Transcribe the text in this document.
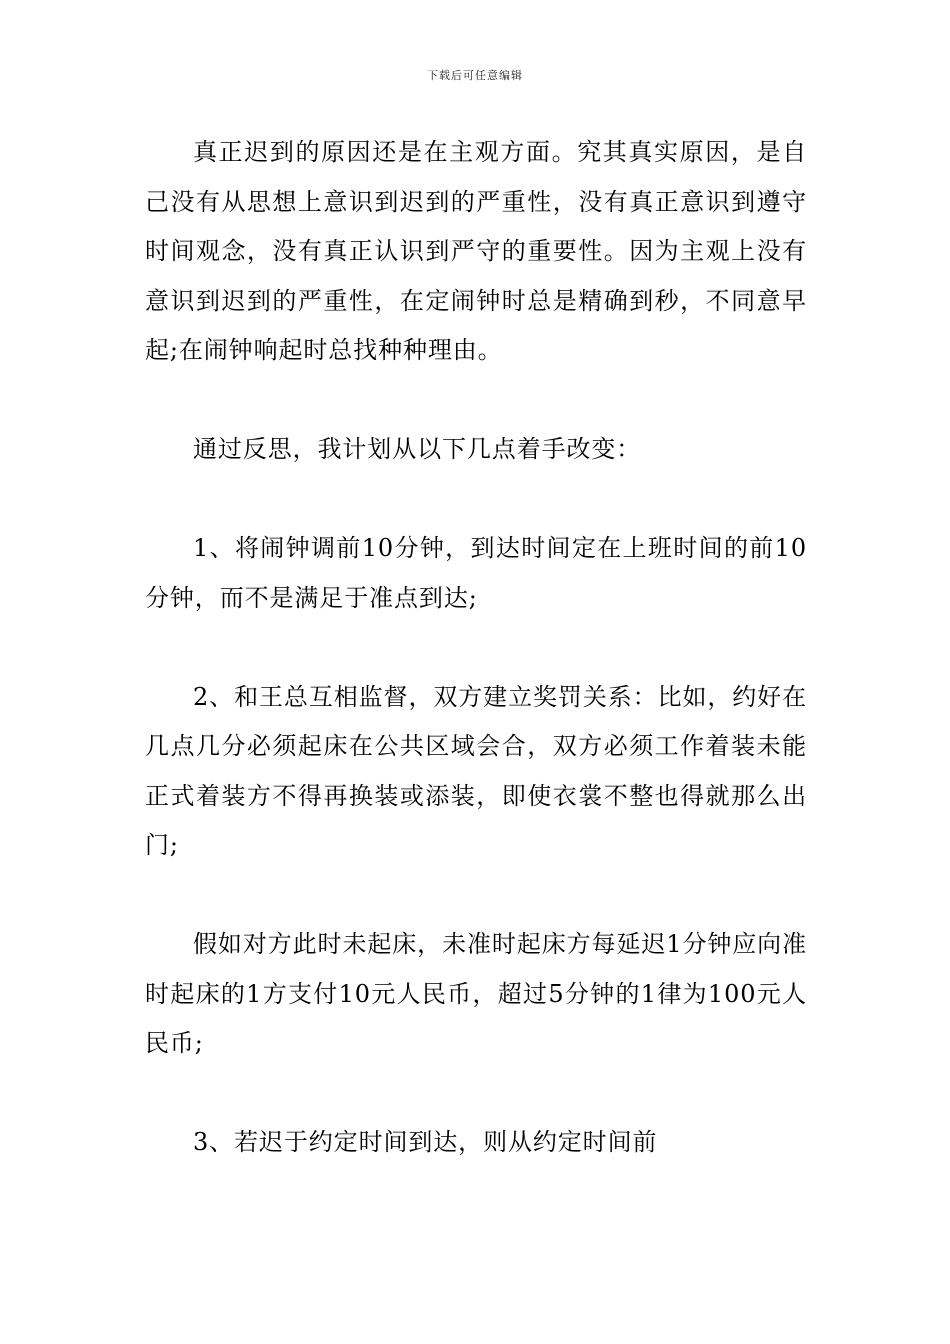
下载后可任意编辑

真正迟到的原因还是在主观方面。究其真实原因，是自己没有从思想上意识到迟到的严重性，没有真正意识到遵守时间观念，没有真正认识到严守的重要性。因为主观上没有意识到迟到的严重性，在定闹钟时总是精确到秒，不同意早起;在闹钟响起时总找种种理由。

通过反思，我计划从以下几点着手改变：

1、将闹钟调前10分钟，到达时间定在上班时间的前10分钟，而不是满足于准点到达;

2、和王总互相监督，双方建立奖罚关系：比如，约好在几点几分必须起床在公共区域会合，双方必须工作着装未能正式着装方不得再换装或添装，即使衣裳不整也得就那么出门;

假如对方此时未起床，未准时起床方每延迟1分钟应向准时起床的1方支付10元人民币，超过5分钟的1律为100元人民币;

3、若迟于约定时间到达，则从约定时间前
